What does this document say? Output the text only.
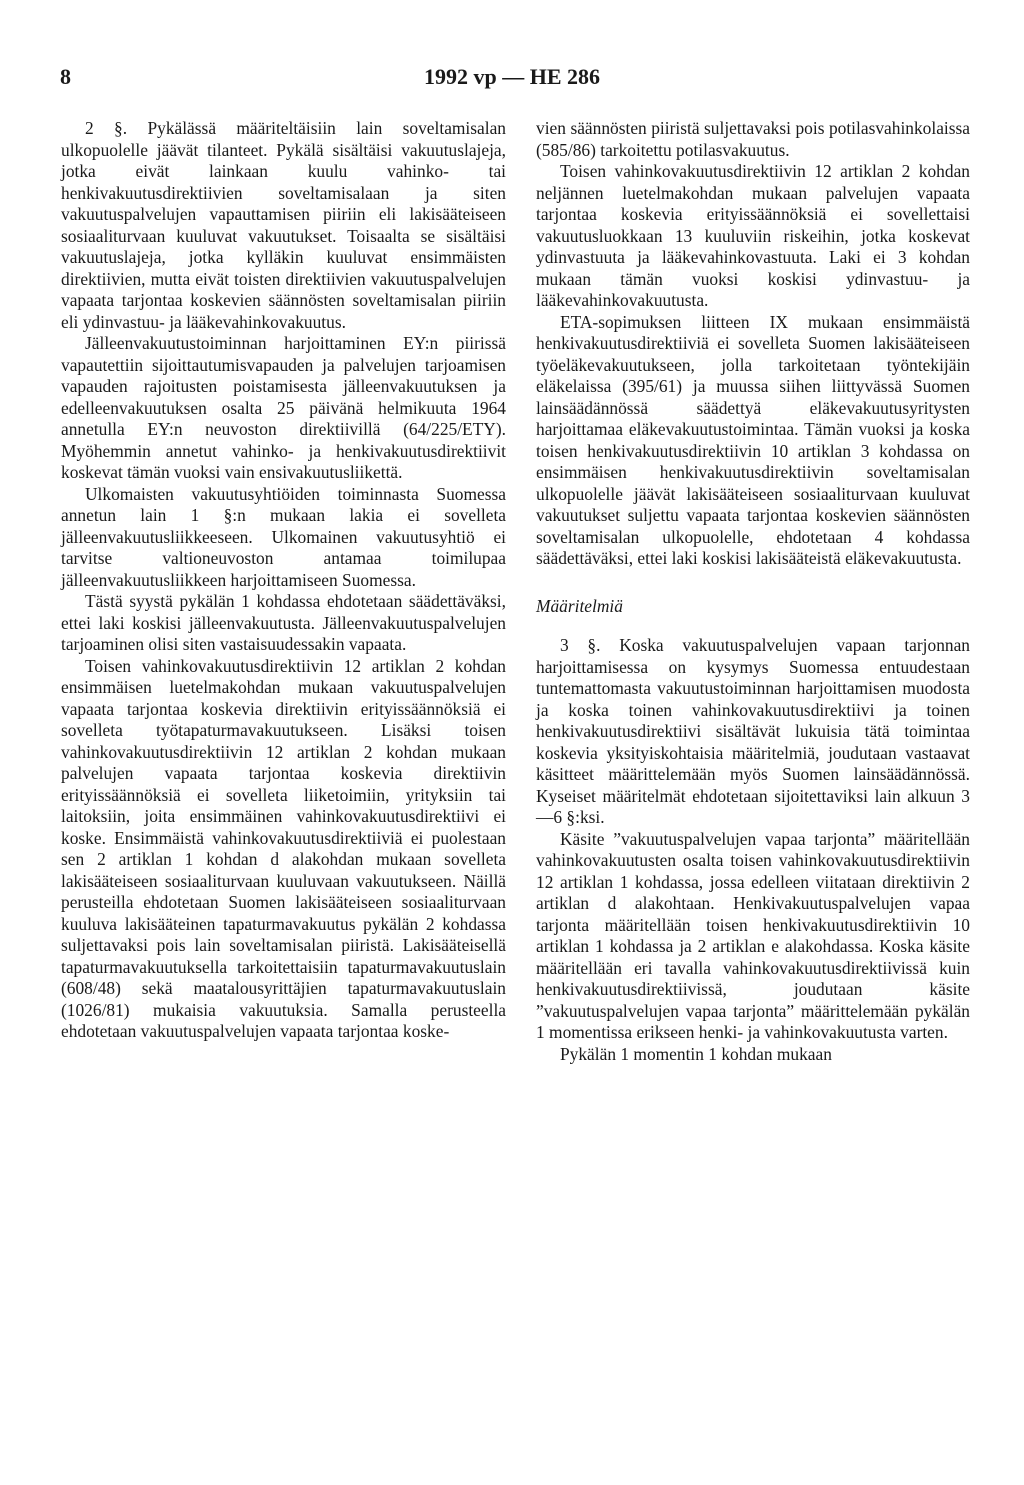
8	1992 vp — HE 286

2 §. Pykälässä määriteltäisiin lain soveltamisalan ulkopuolelle jäävät tilanteet. Pykälä sisältäisi vakuutuslajeja, jotka eivät lainkaan kuulu vahinko- tai henkivakuutusdirektiivien soveltamisalaan ja siten vakuutuspalvelujen vapauttamisen piiriin eli lakisääteiseen sosiaaliturvaan kuuluvat vakuutukset. Toisaalta se sisältäisi vakuutuslajeja, jotka kylläkin kuuluvat ensimmäisten direktiivien, mutta eivät toisten direktiivien vakuutuspalvelujen vapaata tarjontaa koskevien säännösten soveltamisalan piiriin eli ydinvastuu- ja lääkevahinkovakuutus.

Jälleenvakuutustoiminnan harjoittaminen EY:n piirissä vapautettiin sijoittautumisvapauden ja palvelujen tarjoamisen vapauden rajoitusten poistamisesta jälleenvakuutuksen ja edelleenvakuutuksen osalta 25 päivänä helmikuuta 1964 annetulla EY:n neuvoston direktiivillä (64/225/ETY). Myöhemmin annetut vahinko- ja henkivakuutusdirektiivit koskevat tämän vuoksi vain ensivakuutusliikettä.

Ulkomaisten vakuutusyhtiöiden toiminnasta Suomessa annetun lain 1 §:n mukaan lakia ei sovelleta jälleenvakuutusliikkeeseen. Ulkomainen vakuutusyhtiö ei tarvitse valtioneuvoston antamaa toimilupaa jälleenvakuutusliikkeen harjoittamiseen Suomessa.

Tästä syystä pykälän 1 kohdassa ehdotetaan säädettäväksi, ettei laki koskisi jälleenvakuutusta. Jälleenvakuutuspalvelujen tarjoaminen olisi siten vastaisuudessakin vapaata.

Toisen vahinkovakuutusdirektiivin 12 artiklan 2 kohdan ensimmäisen luetelmakohdan mukaan vakuutuspalvelujen vapaata tarjontaa koskevia direktiivin erityissäännöksiä ei sovelleta työtapaturmavakuutukseen. Lisäksi toisen vahinkovakuutusdirektiivin 12 artiklan 2 kohdan mukaan palvelujen vapaata tarjontaa koskevia direktiivin erityissäännöksiä ei sovelleta liiketoimiin, yrityksiin tai laitoksiin, joita ensimmäinen vahinkovakuutusdirektiivi ei koske. Ensimmäistä vahinkovakuutusdirektiiviä ei puolestaan sen 2 artiklan 1 kohdan d alakohdan mukaan sovelleta lakisääteiseen sosiaaliturvaan kuuluvaan vakuutukseen. Näillä perusteilla ehdotetaan Suomen lakisääteiseen sosiaaliturvaan kuuluva lakisääteinen tapaturmavakuutus pykälän 2 kohdassa suljettavaksi pois lain soveltamisalan piiristä. Lakisääteisellä tapaturmavakuutuksella tarkoitettaisiin tapaturmavakuutuslain (608/48) sekä maatalousyrittäjien tapaturmavakuutuslain (1026/81) mukaisia vakuutuksia. Samalla perusteella ehdotetaan vakuutuspalvelujen vapaata tarjontaa koske-

vien säännösten piiristä suljettavaksi pois potilasvahinkolaissa (585/86) tarkoitettu potilasvakuutus.

Toisen vahinkovakuutusdirektiivin 12 artiklan 2 kohdan neljännen luetelmakohdan mukaan palvelujen vapaata tarjontaa koskevia erityissäännöksiä ei sovellettaisi vakuutusluokkaan 13 kuuluviin riskeihin, jotka koskevat ydinvastuuta ja lääkevahinkovastuuta. Laki ei 3 kohdan mukaan tämän vuoksi koskisi ydinvastuu- ja lääkevahinkovakuutusta.

ETA-sopimuksen liitteen IX mukaan ensimmäistä henkivakuutusdirektiiviä ei sovelleta Suomen lakisääteiseen työeläkevakuutukseen, jolla tarkoitetaan työntekijäin eläkelaissa (395/61) ja muussa siihen liittyvässä Suomen lainsäädännössä säädettyä eläkevakuutusyritysten harjoittamaa eläkevakuutustoimintaa. Tämän vuoksi ja koska toisen henkivakuutusdirektiivin 10 artiklan 3 kohdassa on ensimmäisen henkivakuutusdirektiivin soveltamisalan ulkopuolelle jäävät lakisääteiseen sosiaaliturvaan kuuluvat vakuutukset suljettu vapaata tarjontaa koskevien säännösten soveltamisalan ulkopuolelle, ehdotetaan 4 kohdassa säädettäväksi, ettei laki koskisi lakisääteistä eläkevakuutusta.

Määritelmiä

3 §. Koska vakuutuspalvelujen vapaan tarjonnan harjoittamisessa on kysymys Suomessa entuudestaan tuntemattomasta vakuutustoiminnan harjoittamisen muodosta ja koska toinen vahinkovakuutusdirektiivi ja toinen henkivakuutusdirektiivi sisältävät lukuisia tätä toimintaa koskevia yksityiskohtaisia määritelmiä, joudutaan vastaavat käsitteet määrittelemään myös Suomen lainsäädännössä. Kyseiset määritelmät ehdotetaan sijoitettaviksi lain alkuun 3—6 §:ksi.

Käsite ”vakuutuspalvelujen vapaa tarjonta” määritellään vahinkovakuutusten osalta toisen vahinkovakuutusdirektiivin 12 artiklan 1 kohdassa, jossa edelleen viitataan direktiivin 2 artiklan d alakohtaan. Henkivakuutuspalvelujen vapaa tarjonta määritellään toisen henkivakuutusdirektiivin 10 artiklan 1 kohdassa ja 2 artiklan e alakohdassa. Koska käsite määritellään eri tavalla vahinkovakuutusdirektiivissä kuin henkivakuutusdirektiivissä, joudutaan käsite ”vakuutuspalvelujen vapaa tarjonta” määrittelemään pykälän 1 momentissa erikseen henki- ja vahinkovakuutusta varten.

Pykälän 1 momentin 1 kohdan mukaan
